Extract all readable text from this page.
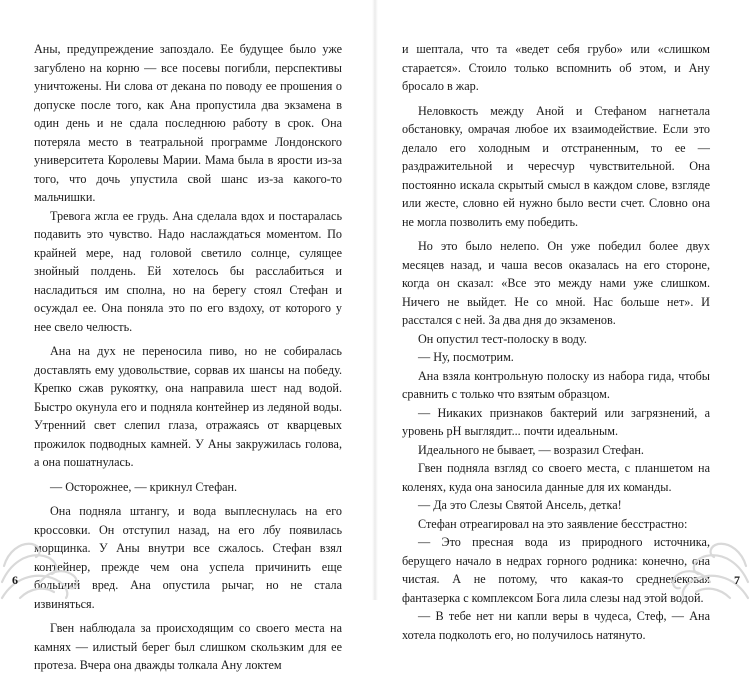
Аны, предупреждение запоздало. Ее будущее было уже загублено на корню — все посевы погибли, перспективы уничтожены. Ни слова от декана по поводу ее прошения о допуске после того, как Ана пропустила два экзамена в один день и не сдала последнюю работу в срок. Она потеряла место в театральной программе Лондонского университета Королевы Марии. Мама была в ярости из-за того, что дочь упустила свой шанс из-за какого-то мальчишки.

Тревога жгла ее грудь. Ана сделала вдох и постаралась подавить это чувство. Надо наслаждаться моментом. По крайней мере, над головой светило солнце, сулящее знойный полдень. Ей хотелось бы расслабиться и насладиться им сполна, но на берегу стоял Стефан и осуждал ее. Она поняла это по его вздоху, от которого у нее свело челюсть.

Ана на дух не переносила пиво, но не собиралась доставлять ему удовольствие, сорвав их шансы на победу. Крепко сжав рукоятку, она направила шест над водой. Быстро окунула его и подняла контейнер из ледяной воды. Утренний свет слепил глаза, отражаясь от кварцевых прожилок подводных камней. У Аны закружилась голова, а она пошатнулась.

— Осторожнее, — крикнул Стефан.

Она подняла штангу, и вода выплеснулась на его кроссовки. Он отступил назад, на его лбу появилась морщинка. У Аны внутри все сжалось. Стефан взял контейнер, прежде чем она успела причинить еще больший вред. Ана опустила рычаг, но не стала извиняться.

Гвен наблюдала за происходящим со своего места на камнях — илистый берег был слишком скользким для ее протеза. Вчера она дважды толкала Ану локтем

6

и шептала, что та «ведет себя грубо» или «слишком старается». Стоило только вспомнить об этом, и Ану бросало в жар.

Неловкость между Аной и Стефаном нагнетала обстановку, омрачая любое их взаимодействие. Если это делало его холодным и отстраненным, то ее — раздражительной и чересчур чувствительной. Она постоянно искала скрытый смысл в каждом слове, взгляде или жесте, словно ей нужно было вести счет. Словно она не могла позволить ему победить.

Но это было нелепо. Он уже победил более двух месяцев назад, и чаша весов оказалась на его стороне, когда он сказал: «Все это между нами уже слишком. Ничего не выйдет. Не со мной. Нас больше нет». И расстался с ней. За два дня до экзаменов.

Он опустил тест-полоску в воду.

— Ну, посмотрим.

Ана взяла контрольную полоску из набора гида, чтобы сравнить с только что взятым образцом.

— Никаких признаков бактерий или загрязнений, а уровень pH выглядит... почти идеальным.

Идеального не бывает, — возразил Стефан.

Гвен подняла взгляд со своего места, с планшетом на коленях, куда она заносила данные для их команды.

— Да это Слезы Святой Ансель, детка!

Стефан отреагировал на это заявление бесстрастно:

— Это пресная вода из природного источника, берущего начало в недрах горного родника: конечно, она чистая. А не потому, что какая-то средневековая фантазерка с комплексом Бога лила слезы над этой водой.

— В тебе нет ни капли веры в чудеса, Стеф, — Ана хотела подколоть его, но получилось натянуто.

7
